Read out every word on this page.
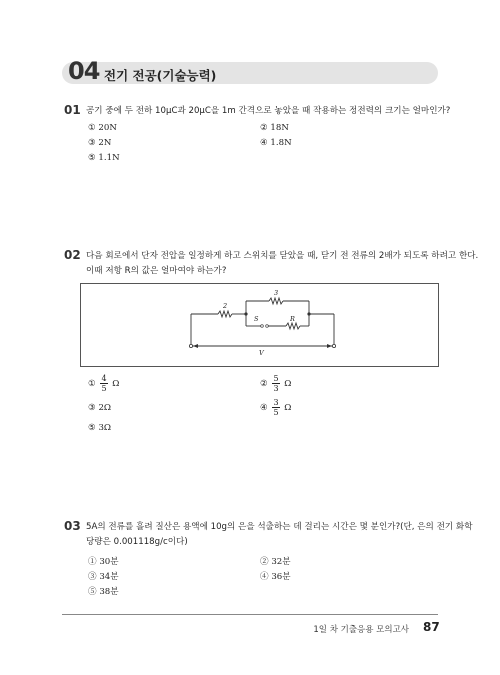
04 전기 전공(기술능력)
01 공기 중에 두 전하 10μC과 20μC을 1m 간격으로 놓았을 때 작용하는 정전력의 크기는 얼마인가?
① 20N	② 18N
③ 2N	④ 1.8N
⑤ 1.1N
02 다음 회로에서 단자 전압을 일정하게 하고 스위치를 닫았을 때, 닫기 전 전류의 2배가 되도록 하려고 한다.
이때 저항 R의 값은 얼마여야 하는가?
2
3
S	R
V
① $\frac{4}{5}$ Ω	② $\frac{5}{3}$ Ω
③ 2Ω	④ $\frac{3}{5}$ Ω
⑤ 3Ω
03 5A의 전류를 흘려 질산은 용액에 10g의 은을 석출하는 데 걸리는 시간은 몇 분인가?(단, 은의 전기 화학
당량은 0.001118g/c이다)
① 30분	② 32분
③ 34분	④ 36분
⑤ 38분
1일 차 기출응용 모의고사 87
